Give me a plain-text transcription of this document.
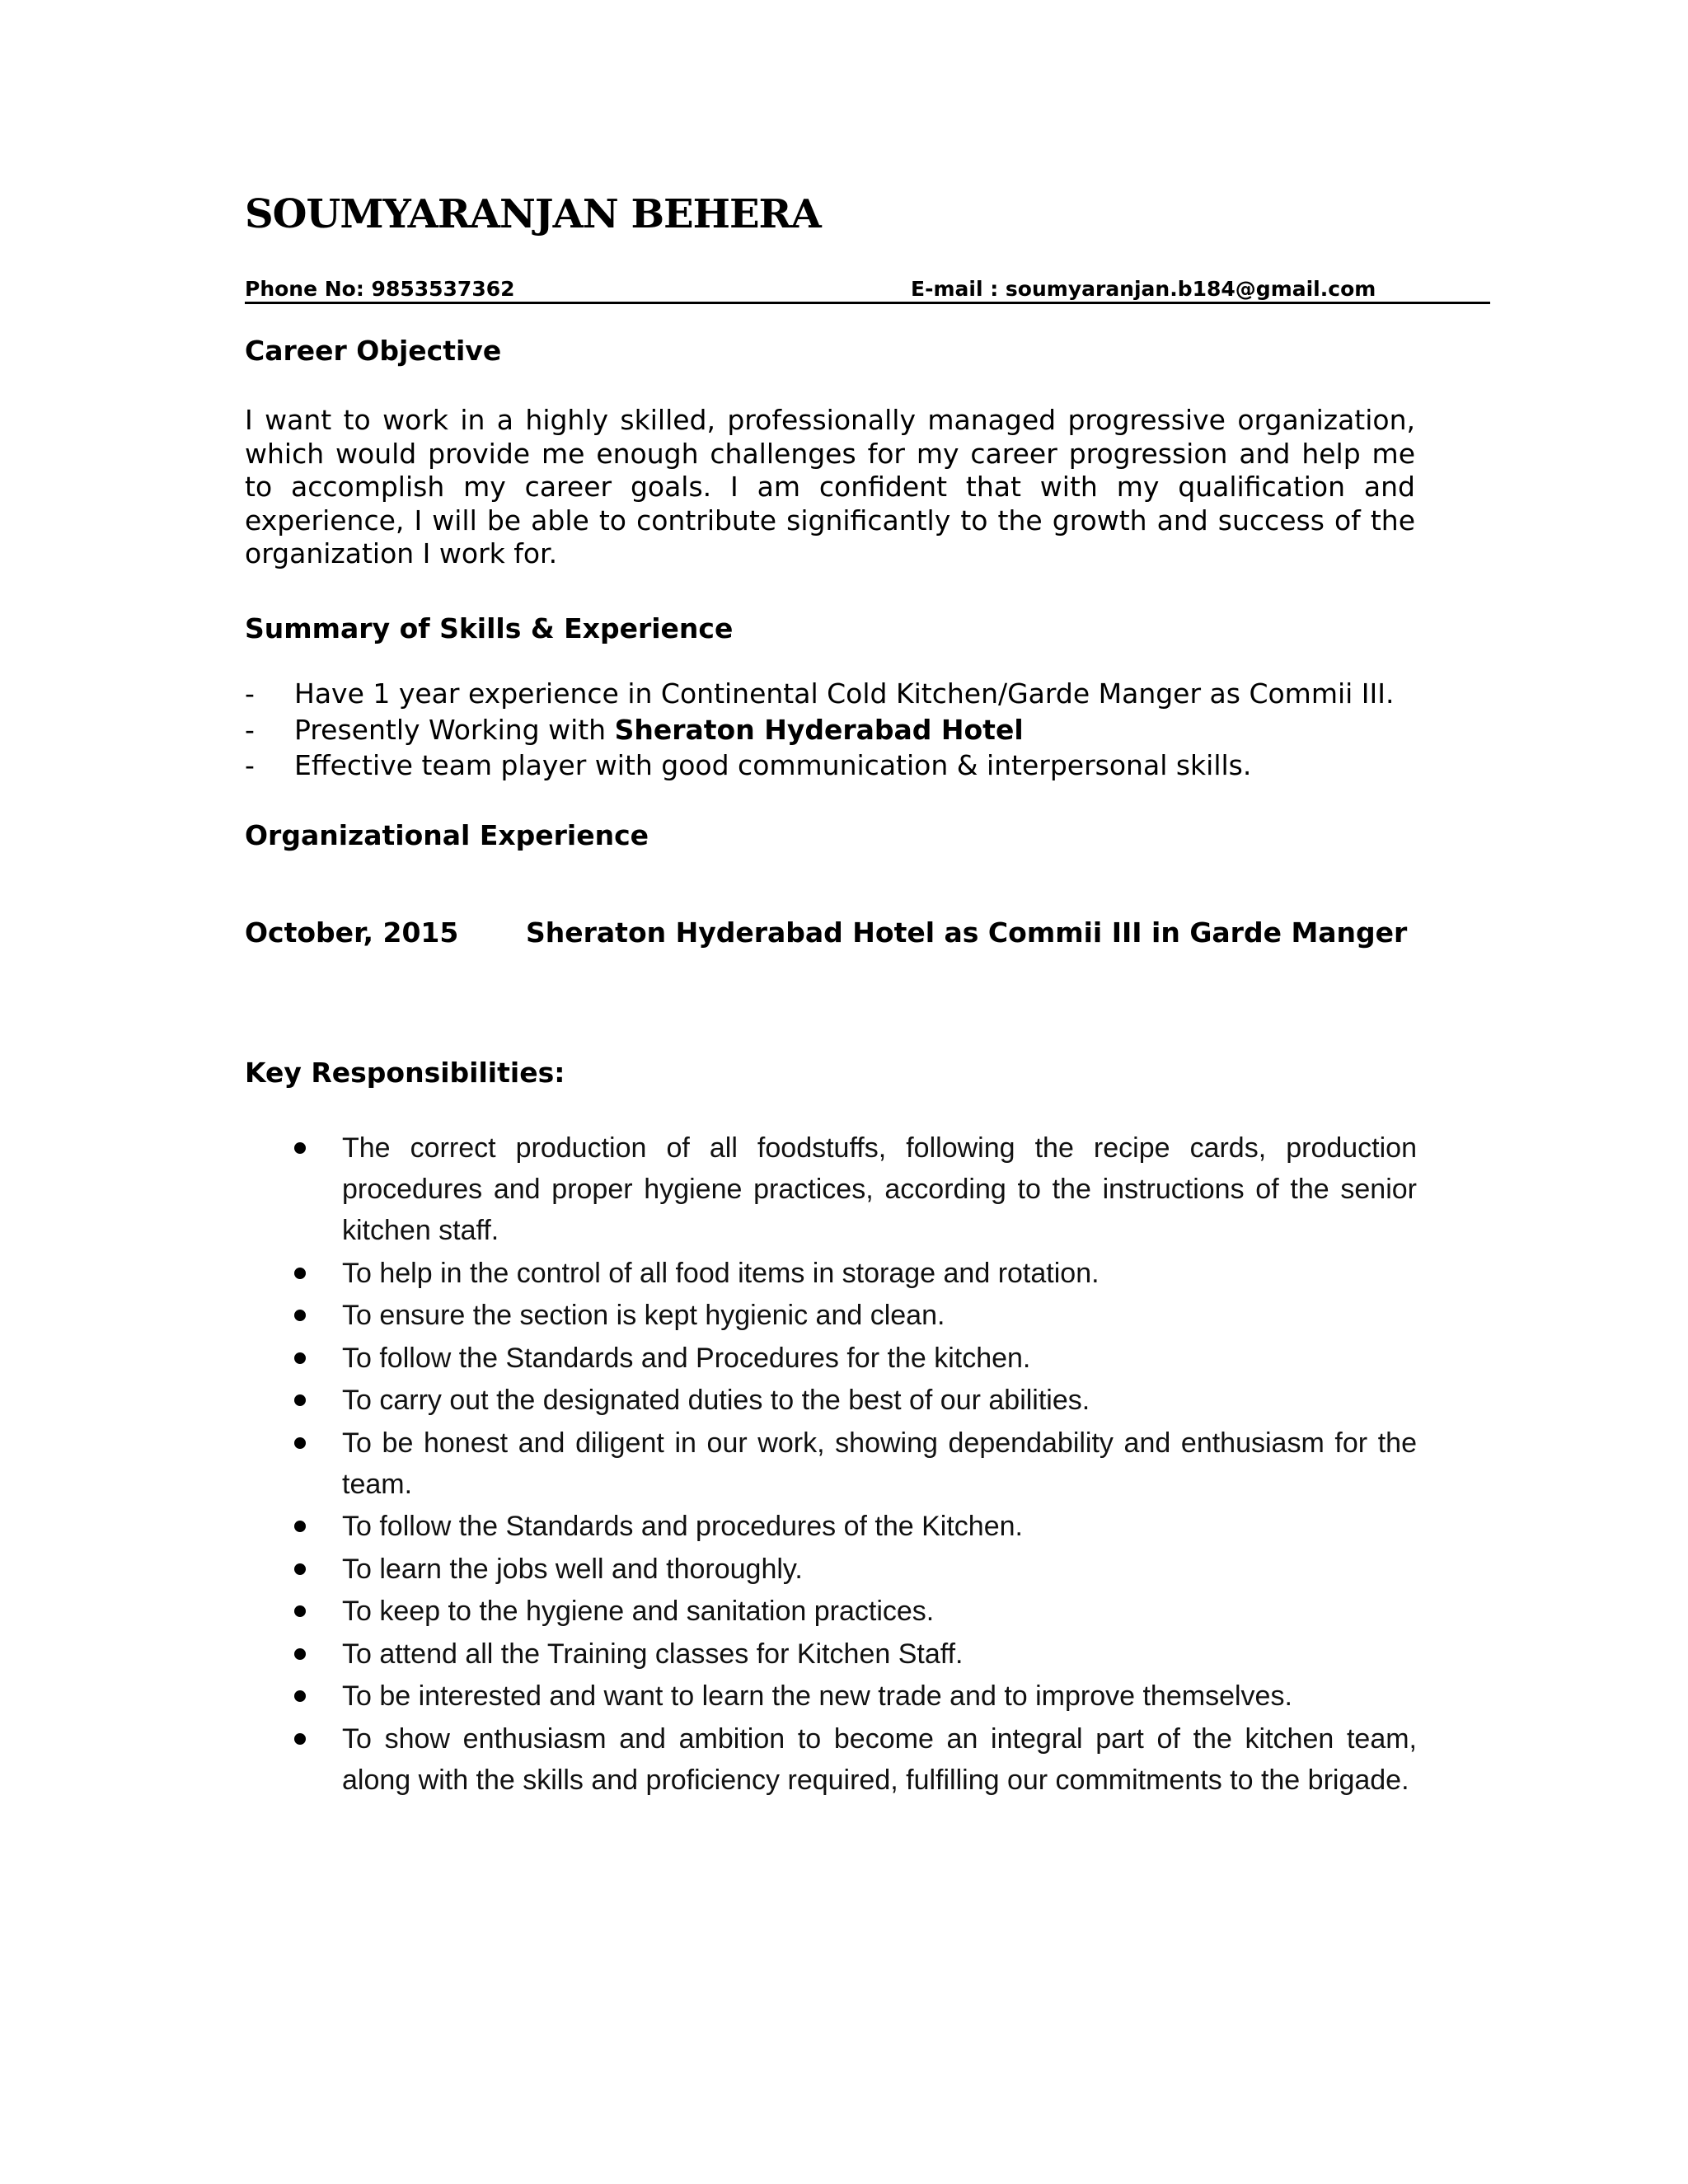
SOUMYARANJAN BEHERA
Phone No: 9853537362	E-mail : soumyaranjan.b184@gmail.com
Career Objective

I want to work in a highly skilled, professionally managed progressive organization, which would provide me enough challenges for my career progression and help me to accomplish my career goals. I am confident that with my qualification and experience, I will be able to contribute significantly to the growth and success of the organization I work for.

Summary of Skills & Experience
- Have 1 year experience in Continental Cold Kitchen/Garde Manger as Commii III.
- Presently Working with Sheraton Hyderabad Hotel
- Effective team player with good communication & interpersonal skills.
Organizational Experience
October, 2015 Sheraton Hyderabad Hotel as Commii III in Garde Manger
Key Responsibilities:
The correct production of all foodstuffs, following the recipe cards, production procedures and proper hygiene practices, according to the instructions of the senior kitchen staff.
To help in the control of all food items in storage and rotation.
To ensure the section is kept hygienic and clean.
To follow the Standards and Procedures for the kitchen.
To carry out the designated duties to the best of our abilities.
To be honest and diligent in our work, showing dependability and enthusiasm for the team.
To follow the Standards and procedures of the Kitchen.
To learn the jobs well and thoroughly.
To keep to the hygiene and sanitation practices.
To attend all the Training classes for Kitchen Staff.
To be interested and want to learn the new trade and to improve themselves.
To show enthusiasm and ambition to become an integral part of the kitchen team, along with the skills and proficiency required, fulfilling our commitments to the brigade.
